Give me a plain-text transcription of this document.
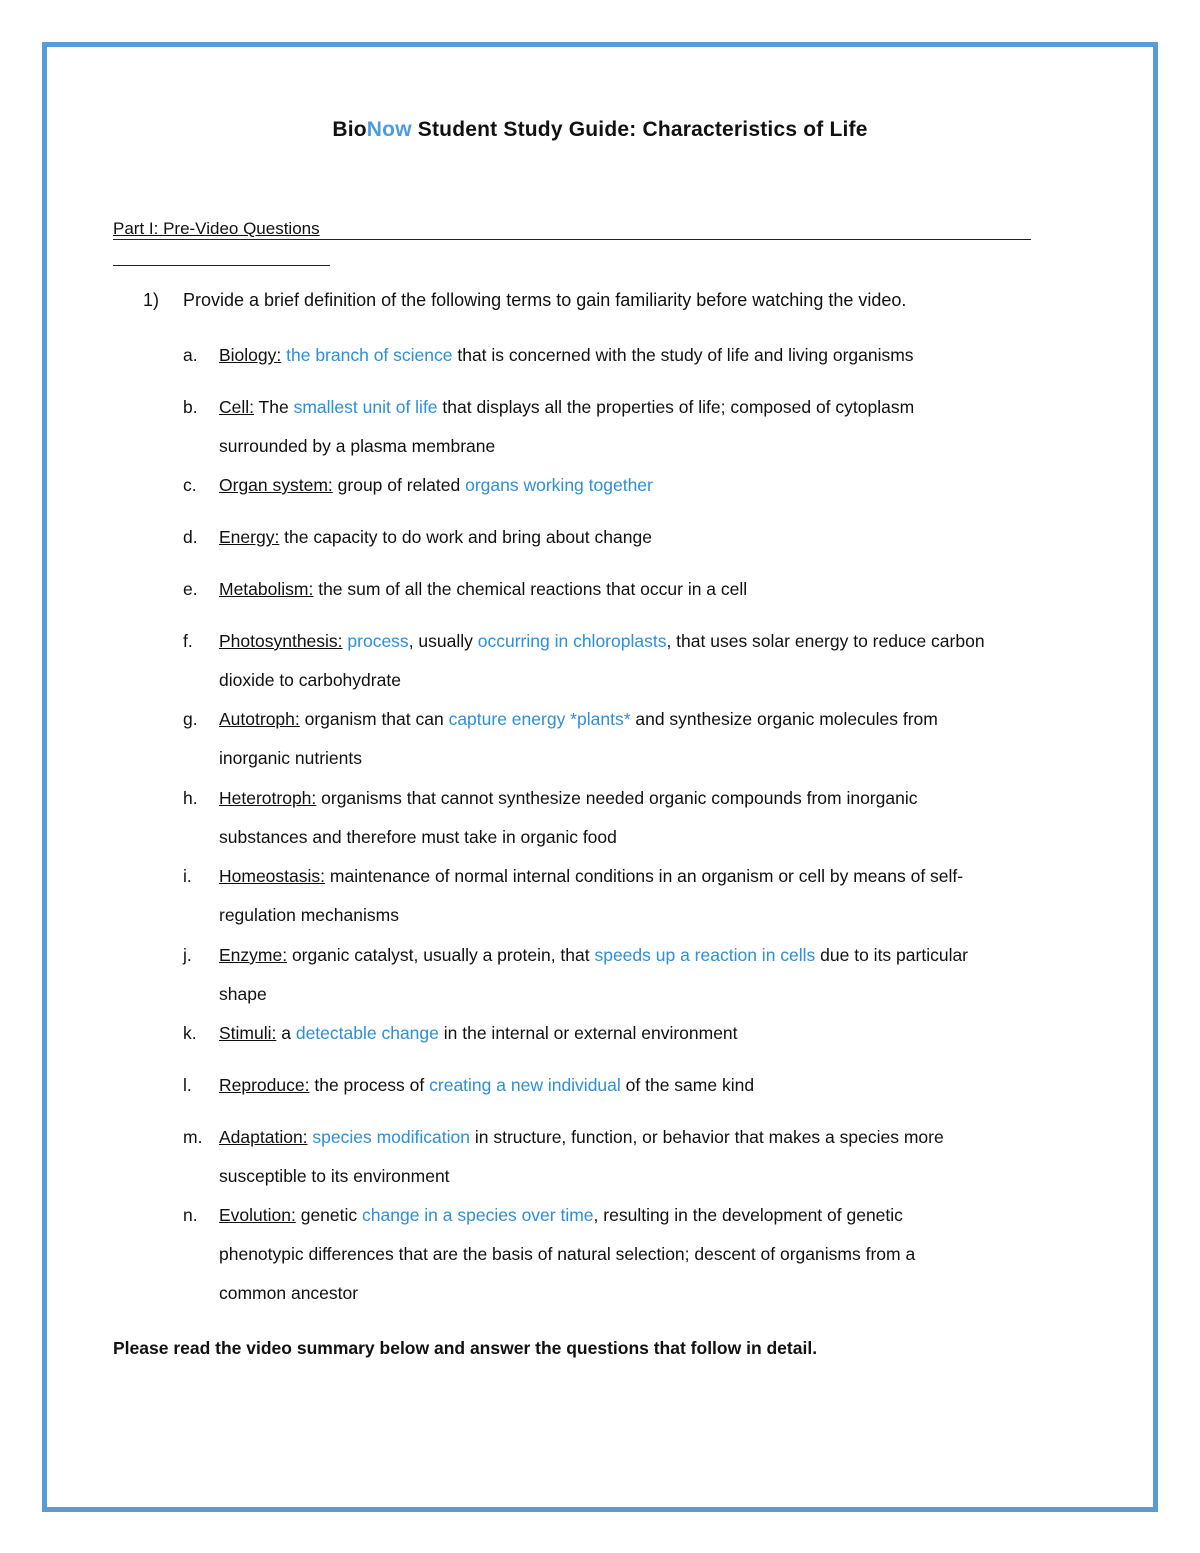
BioNow Student Study Guide: Characteristics of Life
Part I: Pre-Video Questions
1) Provide a brief definition of the following terms to gain familiarity before watching the video.
a.	Biology: the branch of science that is concerned with the study of life and living organisms
b.	Cell: The smallest unit of life that displays all the properties of life; composed of cytoplasm
surrounded by a plasma membrane
c.	Organ system: group of related organs working together
d.	Energy: the capacity to do work and bring about change
e.	Metabolism: the sum of all the chemical reactions that occur in a cell
f.	Photosynthesis: process, usually occurring in chloroplasts, that uses solar energy to reduce carbon
dioxide to carbohydrate
g.	Autotroph: organism that can capture energy *plants* and synthesize organic molecules from
inorganic nutrients
h.	Heterotroph: organisms that cannot synthesize needed organic compounds from inorganic
substances and therefore must take in organic food
i.	Homeostasis: maintenance of normal internal conditions in an organism or cell by means of self-
regulation mechanisms
j.	Enzyme: organic catalyst, usually a protein, that speeds up a reaction in cells due to its particular
shape
k.	Stimuli: a detectable change in the internal or external environment
l.	Reproduce: the process of creating a new individual of the same kind
m. Adaptation: species modification in structure, function, or behavior that makes a species more
susceptible to its environment
n.	Evolution: genetic change in a species over time, resulting in the development of genetic
phenotypic differences that are the basis of natural selection; descent of organisms from a
common ancestor
Please read the video summary below and answer the questions that follow in detail.
